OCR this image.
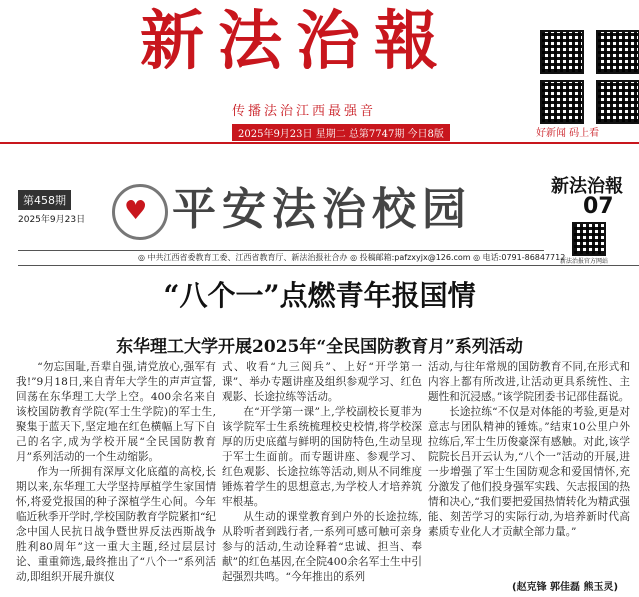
新法治報
传播法治江西最强音
2025年9月23日 星期二 总第7747期 今日8版	好新闻 码上看
第458期
2025年9月23日 ♥ 平安法治校园	新法治報
07
新法治报官方网站
◎ 中共江西省委教育工委、江西省教育厅、新法治报社合办 ◎ 投稿邮箱:pafzxyjx@126.com ◎ 电话:0791-86847712
“八个一”点燃青年报国情
东华理工大学开展2025年“全民国防教育月”系列活动

“勿忘国耻,吾辈自强,请党放心,强军有我!”9月18日,来自青年大学生的声声宣誓,回荡在东华理工大学上空。400余名来自该校国防教育学院(军士生学院)的军士生,聚集于蓝天下,坚定地在红色横幅上写下自己的名字,成为学校开展“全民国防教育月”系列活动的一个生动缩影。

作为一所拥有深厚文化底蕴的高校,长期以来,东华理工大学坚持厚植学生家国情怀,将爱党报国的种子深植学生心间。今年临近秋季开学时,学校国防教育学院紧扣“纪念中国人民抗日战争暨世界反法西斯战争胜利80周年”这一重大主题,经过层层讨论、重重筛选,最终推出了“八个一”系列活动,即组织开展升旗仪

式、收看“九三阅兵”、上好“开学第一课”、举办专题讲座及组织参观学习、红色观影、长途拉练等活动。

在“开学第一课”上,学校副校长夏菲为该学院军士生系统梳理校史校情,将学校深厚的历史底蕴与鲜明的国防特色,生动呈现于军士生面前。而专题讲座、参观学习、红色观影、长途拉练等活动,则从不同维度锤炼着学生的思想意志,为学校人才培养筑牢根基。

从生动的课堂教育到户外的长途拉练,从聆听者到践行者,一系列可感可触可亲身参与的活动,生动诠释着“忠诚、担当、奉献”的红色基因,在全院400余名军士生中引起强烈共鸣。“今年推出的系列

活动,与往年常规的国防教育不同,在形式和内容上都有所改进,让活动更具系统性、主题性和沉浸感。”该学院团委书记邵佳磊说。

长途拉练“不仅是对体能的考验,更是对意志与团队精神的锤炼。”结束10公里户外拉练后,军士生历俊豪深有感触。对此,该学院院长吕开云认为,“八个一”活动的开展,进一步增强了军士生国防观念和爱国情怀,充分激发了他们投身强军实践、矢志报国的热情和决心,“我们要把爱国热情转化为精武强能、刻苦学习的实际行动,为培养新时代高素质专业化人才贡献全部力量。”

(赵克锋 郭佳磊 熊玉灵)
